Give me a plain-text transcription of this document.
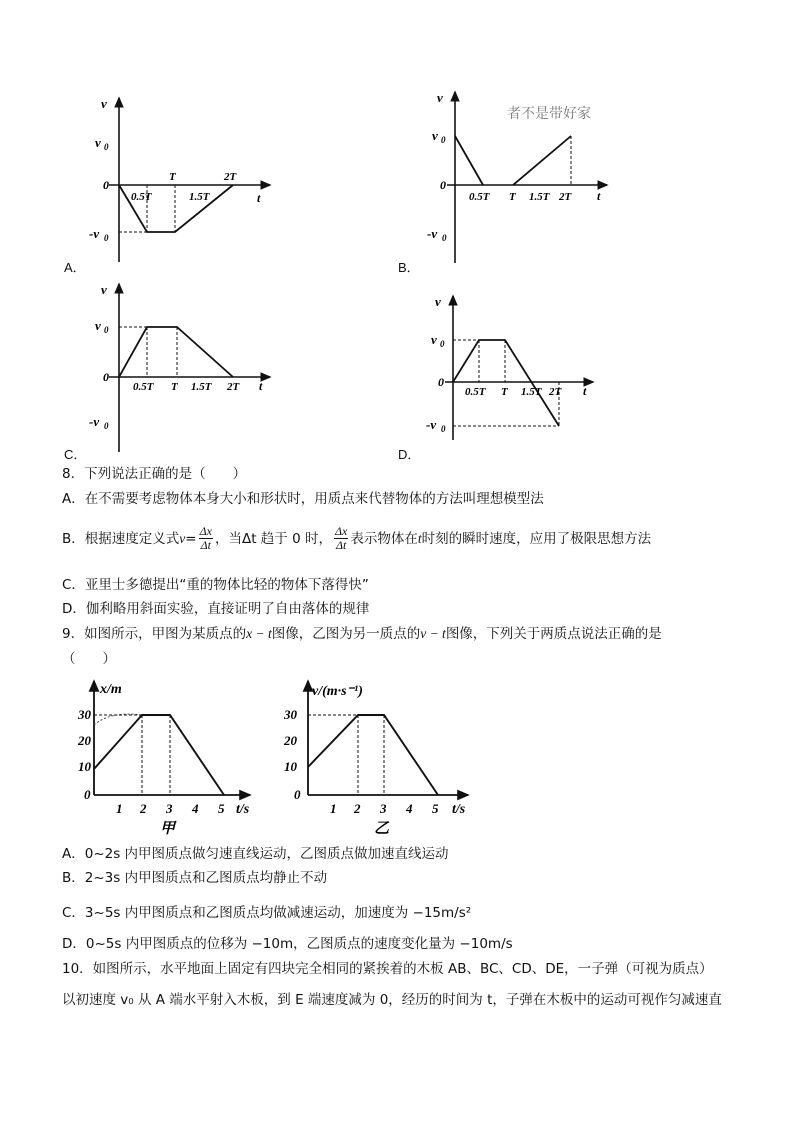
v
v 0
0
-v 0
0.5T
T
1.5T
2T
t
A．
者不是带好家
v
v 0
0
-v 0
0.5T T 1.5T 2T t
B．
v
v 0
0
-v 0
0.5T T 1.5T 2T t
C．
v
v 0
0
-v 0
0.5T T 1.5T 2T t
D．
8．下列说法正确的是（　　）
A．在不需要考虑物体本身大小和形状时，用质点来代替物体的方法叫理想模型法
B．根据速度定义式 $v = \frac{\Delta x}{\Delta t}$ ，当Δt 趋于 0 时， $\frac{\Delta x}{\Delta t}$ 表示物体在 t 时刻的瞬时速度，应用了极限思想方法
C．亚里士多德提出“重的物体比轻的物体下落得快”
D．伽利略用斜面实验，直接证明了自由落体的规律
9．如图所示，甲图为某质点的x − t图像，乙图为另一质点的v − t图像，下列关于两质点说法正确的是
（　　）
x/m
30
20
10
0
1 2 3 4 5 t/s
甲
v/(m·s⁻¹)
30
20
10
0
1 2 3 4 5 t/s
乙
A．0~2s 内甲图质点做匀速直线运动，乙图质点做加速直线运动
B．2~3s 内甲图质点和乙图质点均静止不动
C．3~5s 内甲图质点和乙图质点均做减速运动，加速度为 −15m/s²
D．0~5s 内甲图质点的位移为 −10m，乙图质点的速度变化量为 −10m/s
10．如图所示，水平地面上固定有四块完全相同的紧挨着的木板 AB、BC、CD、DE，一子弹（可视为质点）
以初速度 v₀ 从 A 端水平射入木板，到 E 端速度减为 0，经历的时间为 t，子弹在木板中的运动可视作匀减速直
